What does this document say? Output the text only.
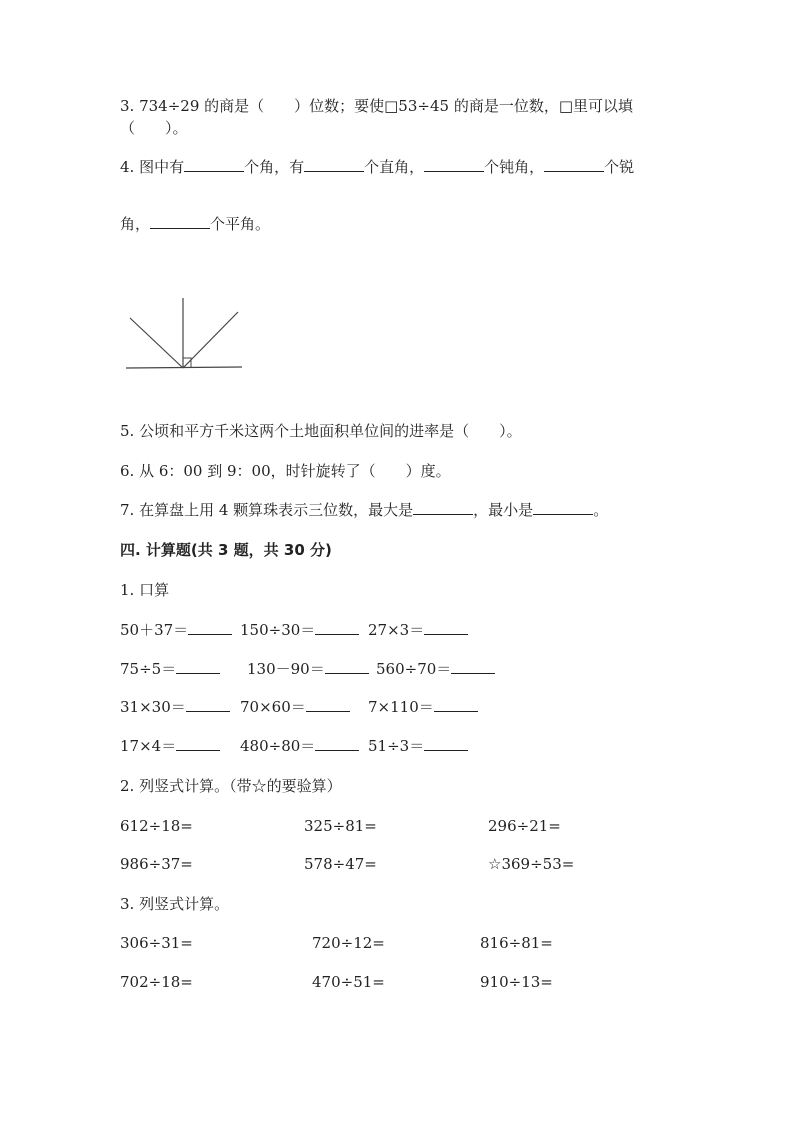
3. 734÷29 的商是（　　）位数；要使□53÷45 的商是一位数，□里可以填
（　　）。
4. 图中有	个角，有	个直角，	个钝角，	个锐
角，	个平角。
5. 公顷和平方千米这两个土地面积单位间的进率是（　　）。
6. 从 6：00 到 9：00，时针旋转了（　　）度。
7. 在算盘上用 4 颗算珠表示三位数，最大是	，最小是	。
四. 计算题(共 3 题，共 30 分)
1. 口算
50＋37＝	150÷30＝	27×3＝
75÷5＝	130－90＝	560÷70＝
31×30＝	70×60＝	7×110＝
17×4＝	480÷80＝	51÷3＝
2. 列竖式计算。（带☆的要验算）
612÷18=	325÷81=	296÷21=
986÷37=	578÷47=	☆369÷53=
3. 列竖式计算。
306÷31=	720÷12=	816÷81=
702÷18=	470÷51=	910÷13=
